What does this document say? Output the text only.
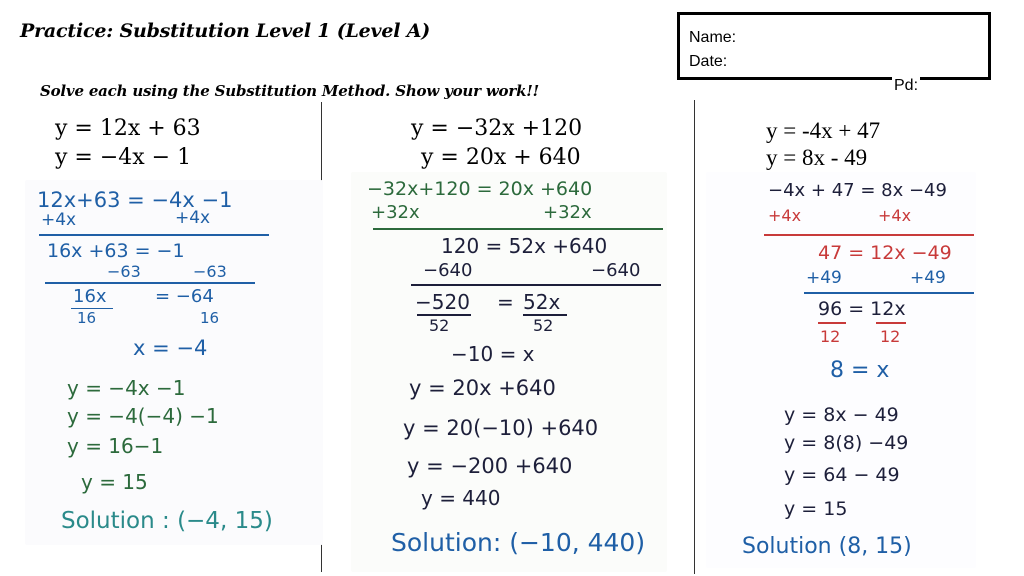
Practice: Substitution Level 1 (Level A)
Solve each using the Substitution Method. Show your work!!
Name:
Date:
Pd:
y = 12x + 63
y = −4x − 1
12x+63 = −4x −1
+4x	+4x
16x +63 = −1
−63	−63
16x	= −64
16	16
x = −4
y = −4x −1
y = −4(−4) −1
y = 16−1
y = 15
Solution : (−4, 15)
y = −32x +120
y = 20x + 640
−32x+120 = 20x +640
+32x	+32x
120 = 52x +640
−640	−640
−520 = 52x
52	52
−10 = x
y = 20x +640
y = 20(−10) +640
y = −200 +640
y = 440
Solution: (−10, 440)
y = -4x + 47
y = 8x - 49
−4x + 47 = 8x −49
+4x	+4x
47 = 12x −49
+49	+49
96 = 12x
12 12
8 = x
y = 8x − 49
y = 8(8) −49
y = 64 − 49
y = 15
Solution (8, 15)
